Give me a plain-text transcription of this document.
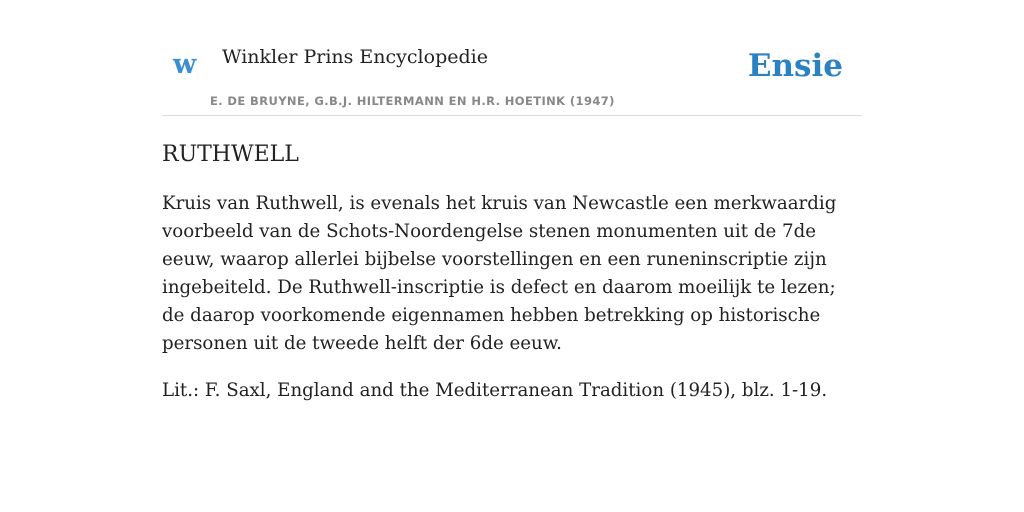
w Winkler Prins Encyclopedie
E. DE BRUYNE, G.B.J. HILTERMANN EN H.R. HOETINK (1947)
Ensie
RUTHWELL

Kruis van Ruthwell, is evenals het kruis van Newcastle een merkwaardig voorbeeld van de Schots-Noordengelse stenen monumenten uit de 7de eeuw, waarop allerlei bijbelse voorstellingen en een runeninscriptie zijn ingebeiteld. De Ruthwell-inscriptie is defect en daarom moeilijk te lezen; de daarop voorkomende eigennamen hebben betrekking op historische personen uit de tweede helft der 6de eeuw.

Lit.: F. Saxl, England and the Mediterranean Tradition (1945), blz. 1-19.
